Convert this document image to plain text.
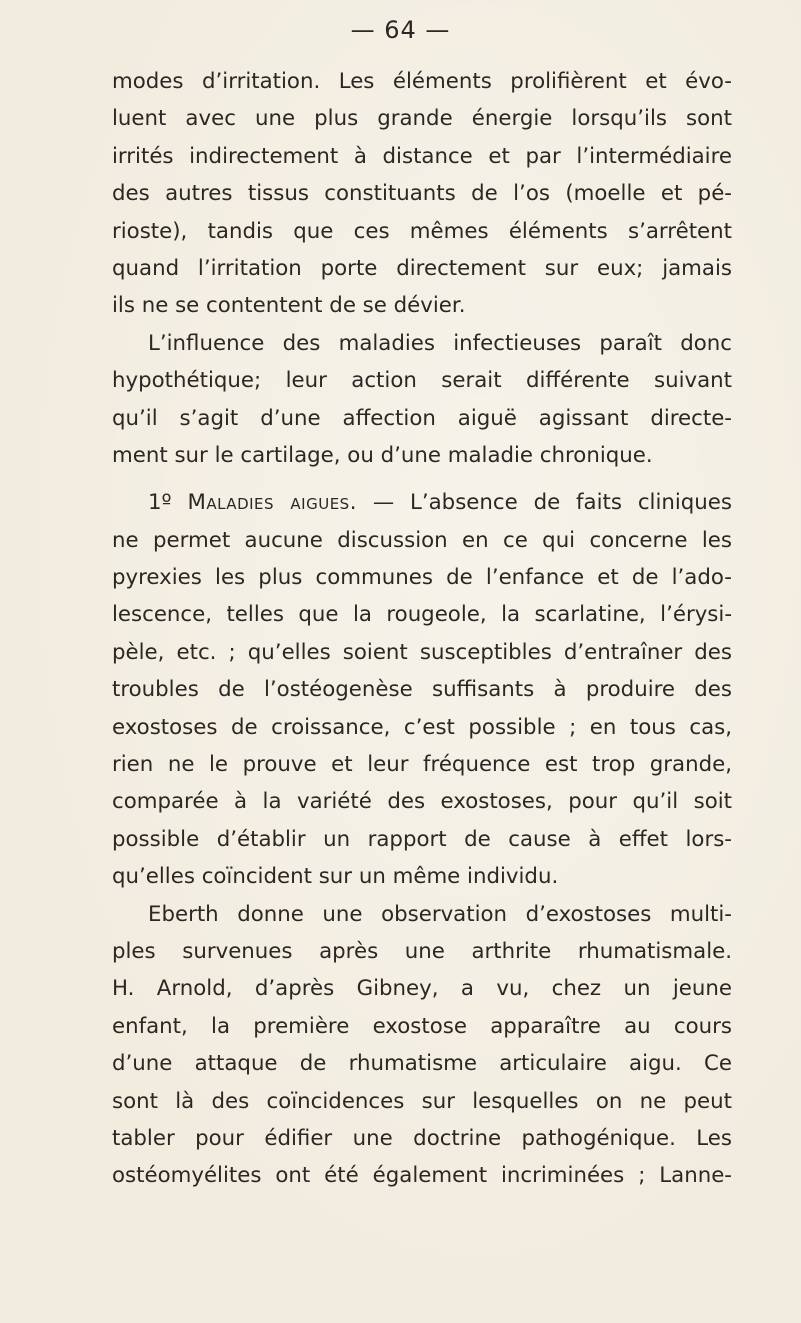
— 64 —
modes d’irritation. Les éléments prolifièrent et évo-
luent avec une plus grande énergie lorsqu’ils sont
irrités indirectement à distance et par l’intermédiaire
des autres tissus constituants de l’os (moelle et pé-
rioste), tandis que ces mêmes éléments s’arrêtent
quand l’irritation porte directement sur eux; jamais
ils ne se contentent de se dévier.
L’influence des maladies infectieuses paraît donc
hypothétique; leur action serait différente suivant
qu’il s’agit d’une affection aiguë agissant directe-
ment sur le cartilage, ou d’une maladie chronique.
1º Maladies aigues. — L’absence de faits cliniques
ne permet aucune discussion en ce qui concerne les
pyrexies les plus communes de l’enfance et de l’ado-
lescence, telles que la rougeole, la scarlatine, l’érysi-
pèle, etc. ; qu’elles soient susceptibles d’entraîner des
troubles de l’ostéogenèse suffisants à produire des
exostoses de croissance, c’est possible ; en tous cas,
rien ne le prouve et leur fréquence est trop grande,
comparée à la variété des exostoses, pour qu’il soit
possible d’établir un rapport de cause à effet lors-
qu’elles coïncident sur un même individu.
Eberth donne une observation d’exostoses multi-
ples survenues après une arthrite rhumatismale.
H. Arnold, d’après Gibney, a vu, chez un jeune
enfant, la première exostose apparaître au cours
d’une attaque de rhumatisme articulaire aigu. Ce
sont là des coïncidences sur lesquelles on ne peut
tabler pour édifier une doctrine pathogénique. Les
ostéomyélites ont été également incriminées ; Lanne-
